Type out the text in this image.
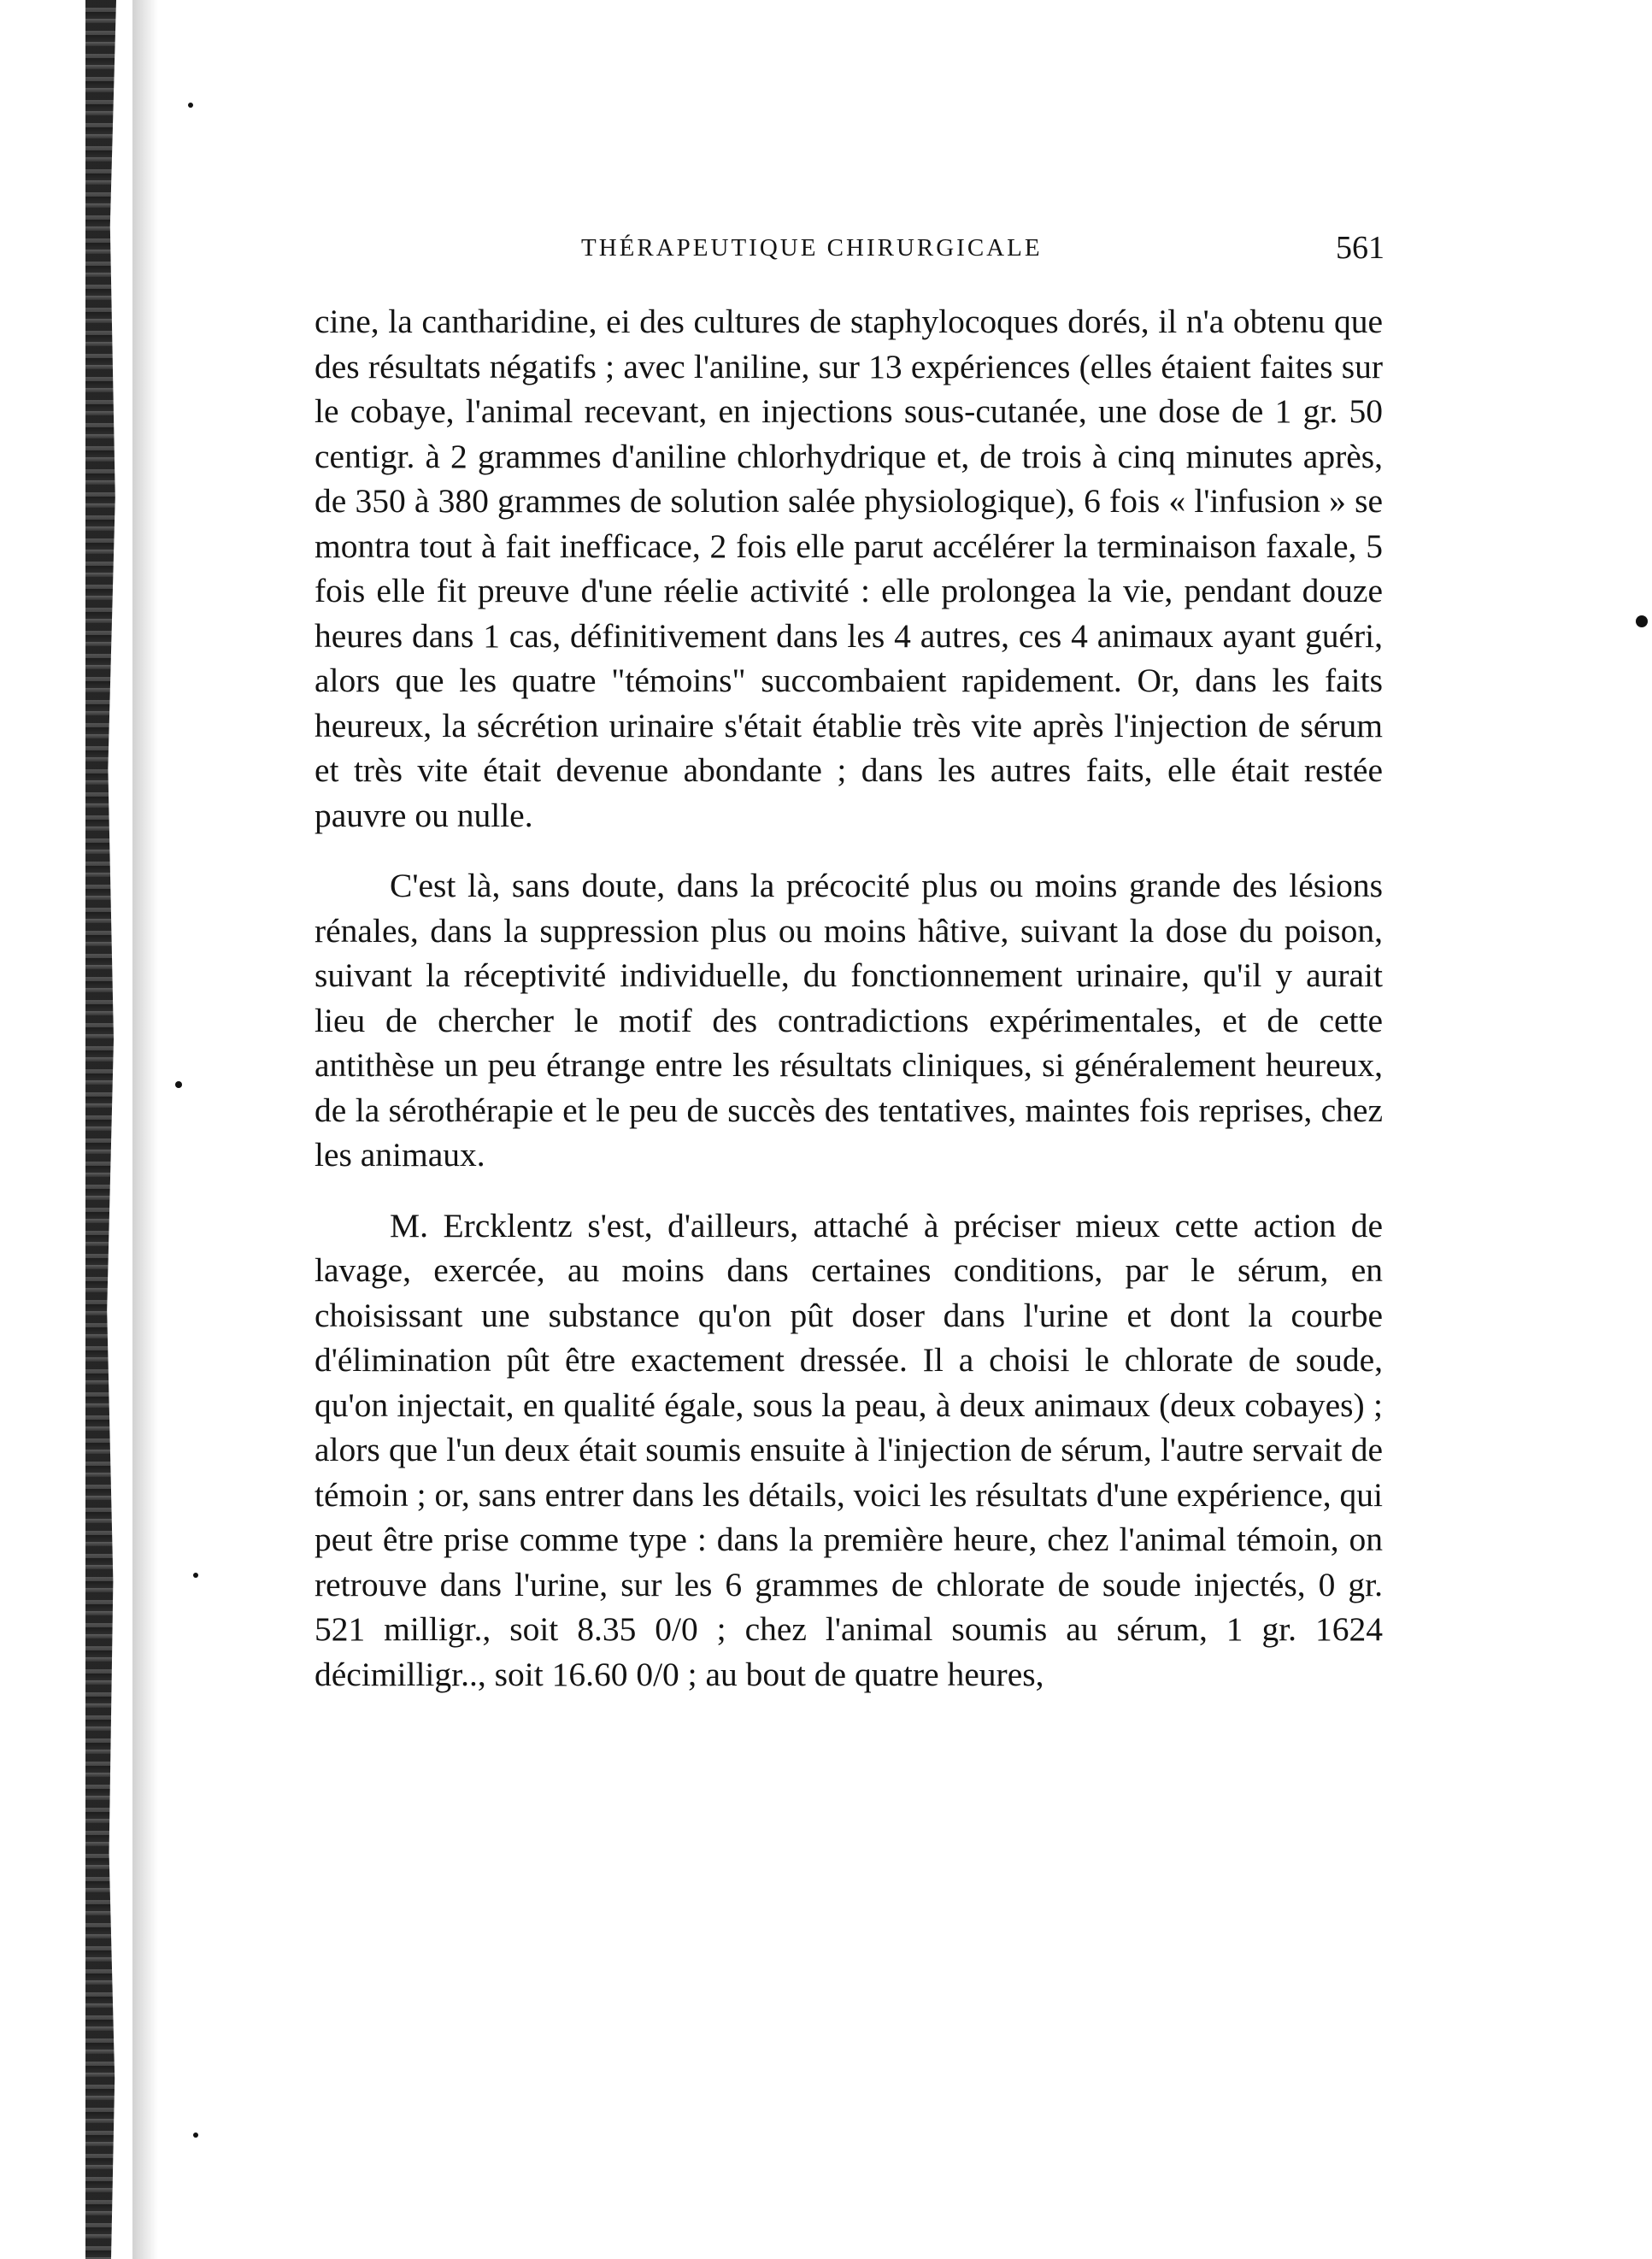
THÉRAPEUTIQUE CHIRURGICALE	561

cine, la cantharidine, ei des cultures de staphylocoques dorés, il n'a obtenu que des résultats négatifs ; avec l'aniline, sur 13 expériences (elles étaient faites sur le cobaye, l'animal recevant, en injections sous-cutanée, une dose de 1 gr. 50 centigr. à 2 grammes d'aniline chlorhydrique et, de trois à cinq minutes après, de 350 à 380 grammes de solution salée physiologique), 6 fois « l'infusion » se montra tout à fait inefficace, 2 fois elle parut accélérer la terminaison faxale, 5 fois elle fit preuve d'une réelie activité : elle prolongea la vie, pendant douze heures dans 1 cas, définitivement dans les 4 autres, ces 4 animaux ayant guéri, alors que les quatre "témoins" succombaient rapidement. Or, dans les faits heureux, la sécrétion urinaire s'était établie très vite après l'injection de sérum et très vite était devenue abondante ; dans les autres faits, elle était restée pauvre ou nulle.

C'est là, sans doute, dans la précocité plus ou moins grande des lésions rénales, dans la suppression plus ou moins hâtive, suivant la dose du poison, suivant la réceptivité individuelle, du fonctionnement urinaire, qu'il y aurait lieu de chercher le motif des contradictions expérimentales, et de cette antithèse un peu étrange entre les résultats cliniques, si généralement heureux, de la sérothérapie et le peu de succès des tentatives, maintes fois reprises, chez les animaux.

M. Ercklentz s'est, d'ailleurs, attaché à préciser mieux cette action de lavage, exercée, au moins dans certaines conditions, par le sérum, en choisissant une substance qu'on pût doser dans l'urine et dont la courbe d'élimination pût être exactement dressée. Il a choisi le chlorate de soude, qu'on injectait, en qualité égale, sous la peau, à deux animaux (deux cobayes) ; alors que l'un deux était soumis ensuite à l'injection de sérum, l'autre servait de témoin ; or, sans entrer dans les détails, voici les résultats d'une expérience, qui peut être prise comme type : dans la première heure, chez l'animal témoin, on retrouve dans l'urine, sur les 6 grammes de chlorate de soude injectés, 0 gr. 521 milligr., soit 8.35 0/0 ; chez l'animal soumis au sérum, 1 gr. 1624 décimilligr.., soit 16.60 0/0 ; au bout de quatre heures,
